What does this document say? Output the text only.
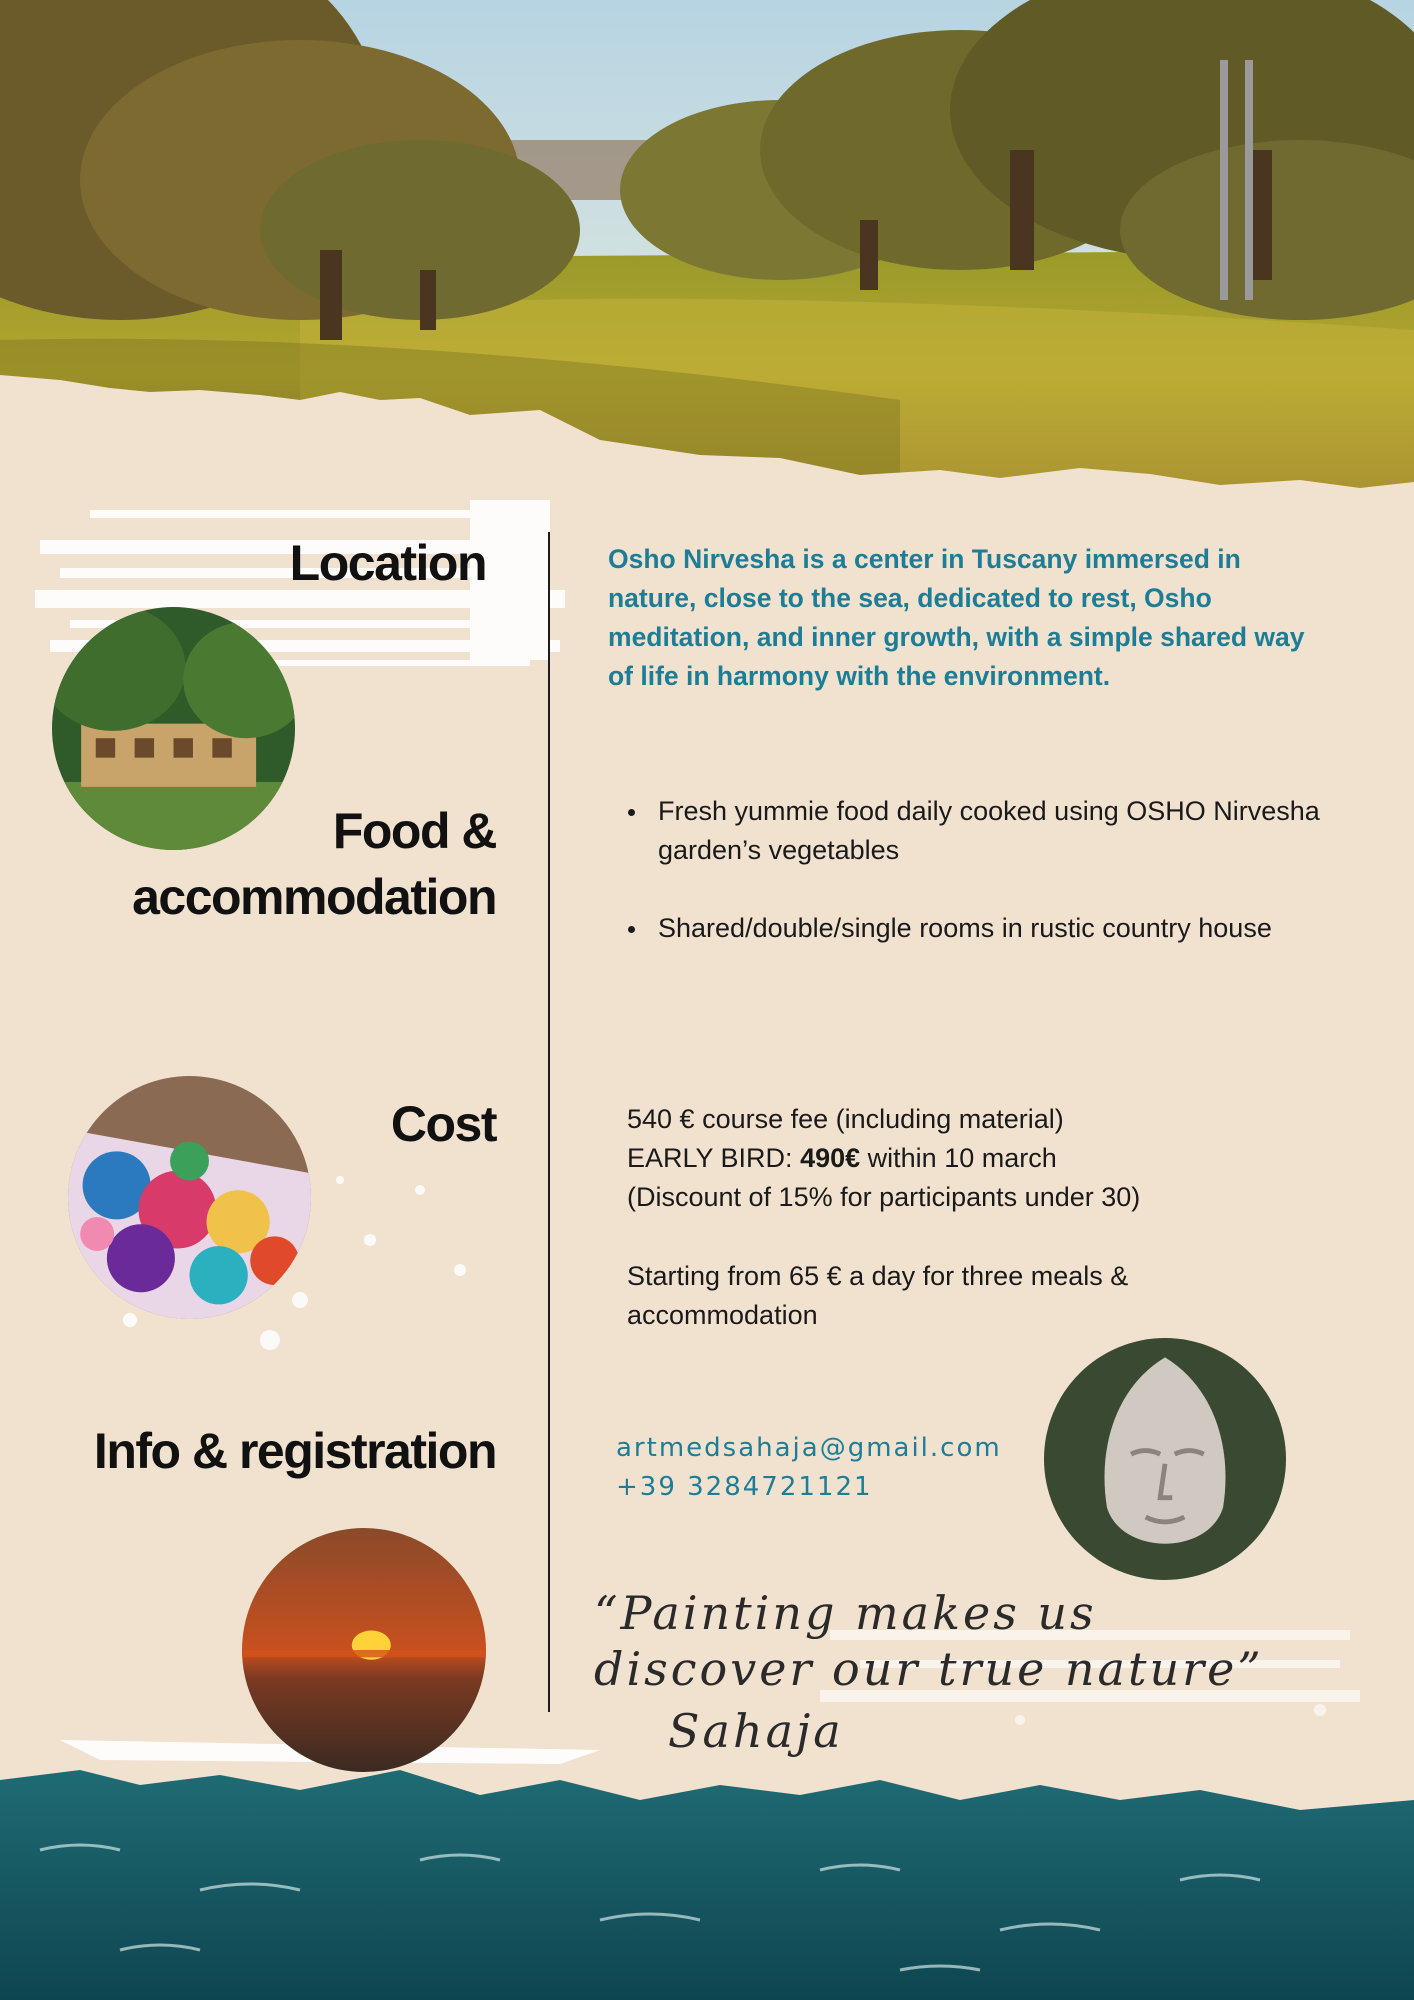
Location
Food &
accommodation
Cost
Info & registration

Osho Nirvesha is a center in Tuscany immersed in nature, close to the sea, dedicated to rest, Osho meditation, and inner growth, with a simple shared way of life in harmony with the environment.

Fresh yummie food daily cooked using OSHO Nirvesha garden’s vegetables
Shared/double/single rooms in rustic country house

540 € course fee (including material)
EARLY BIRD: 490€ within 10 march
(Discount of 15% for participants under 30)

Starting from 65 € a day for three meals & accommodation

artmedsahaja@gmail.com
+39 3284721121

“Painting makes us
discover our true nature”

Sahaja
